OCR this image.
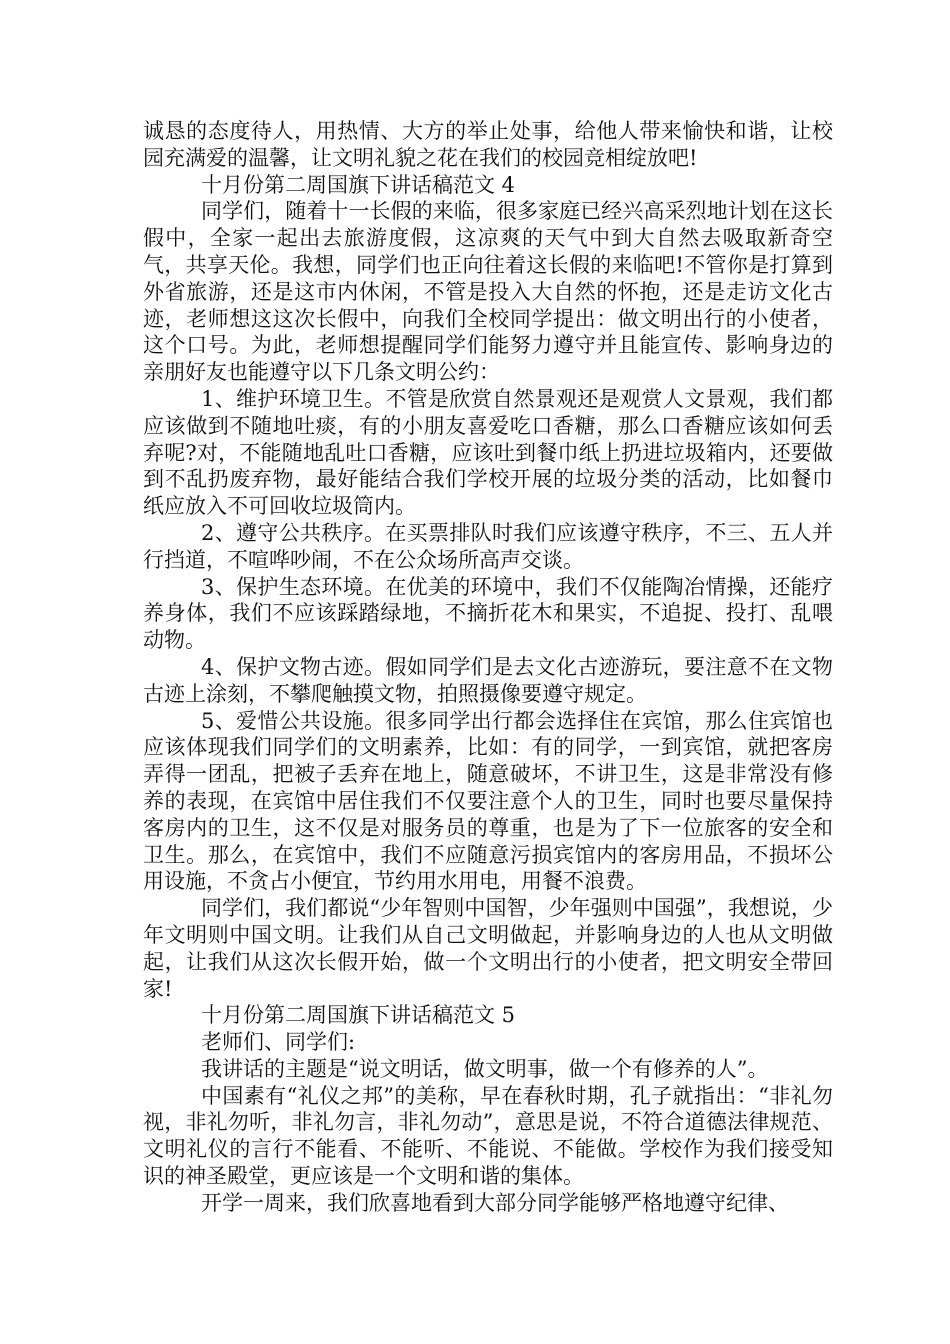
诚恳的态度待人，用热情、大方的举止处事，给他人带来愉快和谐，让校园充满爱的温馨，让文明礼貌之花在我们的校园竞相绽放吧!

十月份第二周国旗下讲话稿范文 4

同学们，随着十一长假的来临，很多家庭已经兴高采烈地计划在这长假中，全家一起出去旅游度假，这凉爽的天气中到大自然去吸取新奇空气，共享天伦。我想，同学们也正向往着这长假的来临吧!不管你是打算到外省旅游，还是这市内休闲，不管是投入大自然的怀抱，还是走访文化古迹，老师想这这次长假中，向我们全校同学提出：做文明出行的小使者，这个口号。为此，老师想提醒同学们能努力遵守并且能宣传、影响身边的亲朋好友也能遵守以下几条文明公约：

1、维护环境卫生。不管是欣赏自然景观还是观赏人文景观，我们都应该做到不随地吐痰，有的小朋友喜爱吃口香糖，那么口香糖应该如何丢弃呢?对，不能随地乱吐口香糖，应该吐到餐巾纸上扔进垃圾箱内，还要做到不乱扔废弃物，最好能结合我们学校开展的垃圾分类的活动，比如餐巾纸应放入不可回收垃圾筒内。

2、遵守公共秩序。在买票排队时我们应该遵守秩序，不三、五人并行挡道，不喧哗吵闹，不在公众场所高声交谈。

3、保护生态环境。在优美的环境中，我们不仅能陶冶情操，还能疗养身体，我们不应该踩踏绿地，不摘折花木和果实，不追捉、投打、乱喂动物。

4、保护文物古迹。假如同学们是去文化古迹游玩，要注意不在文物古迹上涂刻，不攀爬触摸文物，拍照摄像要遵守规定。

5、爱惜公共设施。很多同学出行都会选择住在宾馆，那么住宾馆也应该体现我们同学们的文明素养，比如：有的同学，一到宾馆，就把客房弄得一团乱，把被子丢弃在地上，随意破坏，不讲卫生，这是非常没有修养的表现，在宾馆中居住我们不仅要注意个人的卫生，同时也要尽量保持客房内的卫生，这不仅是对服务员的尊重，也是为了下一位旅客的安全和卫生。那么，在宾馆中，我们不应随意污损宾馆内的客房用品，不损坏公用设施，不贪占小便宜，节约用水用电，用餐不浪费。

同学们，我们都说“少年智则中国智，少年强则中国强”，我想说，少年文明则中国文明。让我们从自己文明做起，并影响身边的人也从文明做起，让我们从这次长假开始，做一个文明出行的小使者，把文明安全带回家!

十月份第二周国旗下讲话稿范文 5

老师们、同学们:

我讲话的主题是“说文明话，做文明事，做一个有修养的人”。

中国素有“礼仪之邦”的美称，早在春秋时期，孔子就指出：“非礼勿视，非礼勿听，非礼勿言，非礼勿动”，意思是说，不符合道德法律规范、文明礼仪的言行不能看、不能听、不能说、不能做。学校作为我们接受知识的神圣殿堂，更应该是一个文明和谐的集体。

开学一周来，我们欣喜地看到大部分同学能够严格地遵守纪律、
